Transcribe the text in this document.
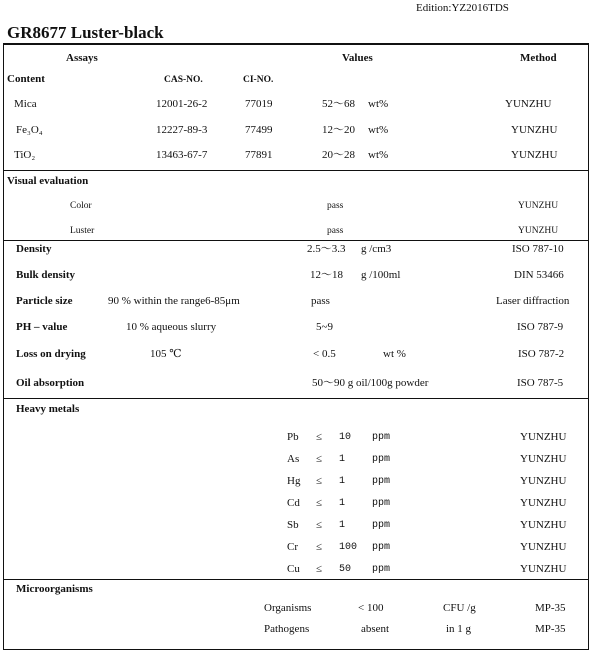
Edition:YZ2016TDS
GR8677 Luster-black
Assays	Values	Method
Content	CAS-NO.	CI-NO.
Mica	12001-26-2	77019	52～68 wt%	YUNZHU
Fe₃O₄	12227-89-3	77499	12～20 wt%	YUNZHU
TiO₂	13463-67-7	77891	20～28 wt%	YUNZHU
Visual evaluation
Color	pass	YUNZHU
Luster	pass	YUNZHU
Density	2.5～3.3 g /cm3	ISO 787-10
Bulk density	12～18 g /100ml	DIN 53466
Particle size	90 % within the range6-85μm	pass	Laser diffraction
PH – value	10 % aqueous slurry	5~9	ISO 787-9
Loss on drying	105 ℃	< 0.5	wt %	ISO 787-2
Oil absorption	50～90 g oil/100g powder	ISO 787-5
Heavy metals
Pb ≤ 10 ppm	YUNZHU
As ≤ 1	ppm	YUNZHU
Hg ≤ 1	ppm	YUNZHU
Cd ≤ 1	ppm	YUNZHU
Sb ≤ 1	ppm	YUNZHU
Cr ≤ 100 ppm	YUNZHU
Cu ≤ 50 ppm	YUNZHU
Microorganisms
Organisms	< 100	CFU /g	MP-35
Pathogens	absent	in 1 g	MP-35
